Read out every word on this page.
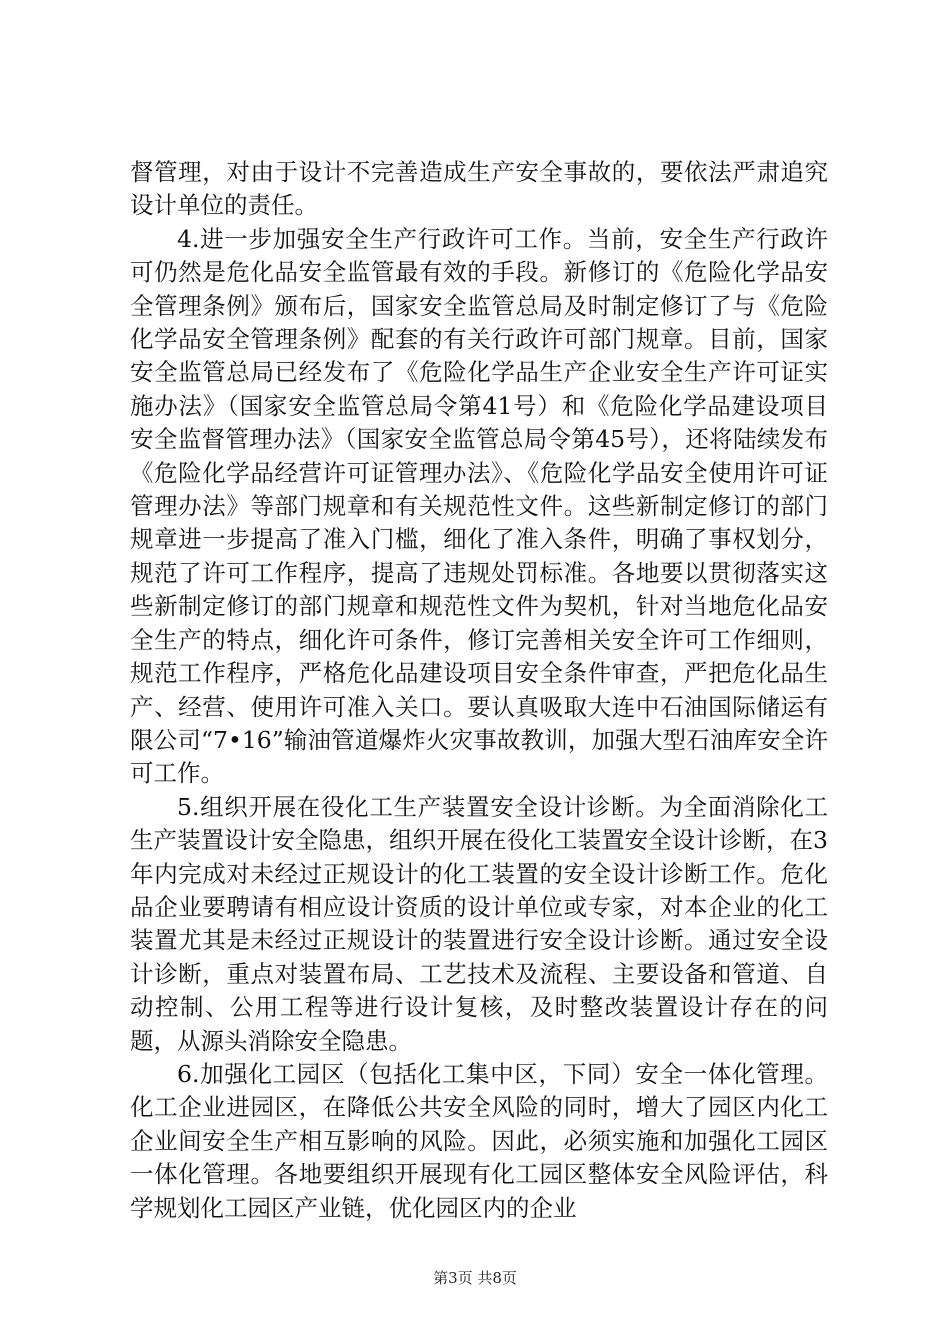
督管理，对由于设计不完善造成生产安全事故的，要依法严肃追究设计单位的责任。

4.进一步加强安全生产行政许可工作。当前，安全生产行政许可仍然是危化品安全监管最有效的手段。新修订的《危险化学品安全管理条例》颁布后，国家安全监管总局及时制定修订了与《危险化学品安全管理条例》配套的有关行政许可部门规章。目前，国家安全监管总局已经发布了《危险化学品生产企业安全生产许可证实施办法》（国家安全监管总局令第41号）和《危险化学品建设项目安全监督管理办法》（国家安全监管总局令第45号），还将陆续发布《危险化学品经营许可证管理办法》、《危险化学品安全使用许可证管理办法》等部门规章和有关规范性文件。这些新制定修订的部门规章进一步提高了准入门槛，细化了准入条件，明确了事权划分，规范了许可工作程序，提高了违规处罚标准。各地要以贯彻落实这些新制定修订的部门规章和规范性文件为契机，针对当地危化品安全生产的特点，细化许可条件，修订完善相关安全许可工作细则，规范工作程序，严格危化品建设项目安全条件审查，严把危化品生产、经营、使用许可准入关口。要认真吸取大连中石油国际储运有限公司“7•16”输油管道爆炸火灾事故教训，加强大型石油库安全许可工作。

5.组织开展在役化工生产装置安全设计诊断。为全面消除化工生产装置设计安全隐患，组织开展在役化工装置安全设计诊断，在3年内完成对未经过正规设计的化工装置的安全设计诊断工作。危化品企业要聘请有相应设计资质的设计单位或专家，对本企业的化工装置尤其是未经过正规设计的装置进行安全设计诊断。通过安全设计诊断，重点对装置布局、工艺技术及流程、主要设备和管道、自动控制、公用工程等进行设计复核，及时整改装置设计存在的问题，从源头消除安全隐患。

6.加强化工园区（包括化工集中区，下同）安全一体化管理。化工企业进园区，在降低公共安全风险的同时，增大了园区内化工企业间安全生产相互影响的风险。因此，必须实施和加强化工园区一体化管理。各地要组织开展现有化工园区整体安全风险评估，科学规划化工园区产业链，优化园区内的企业

第3页 共8页
